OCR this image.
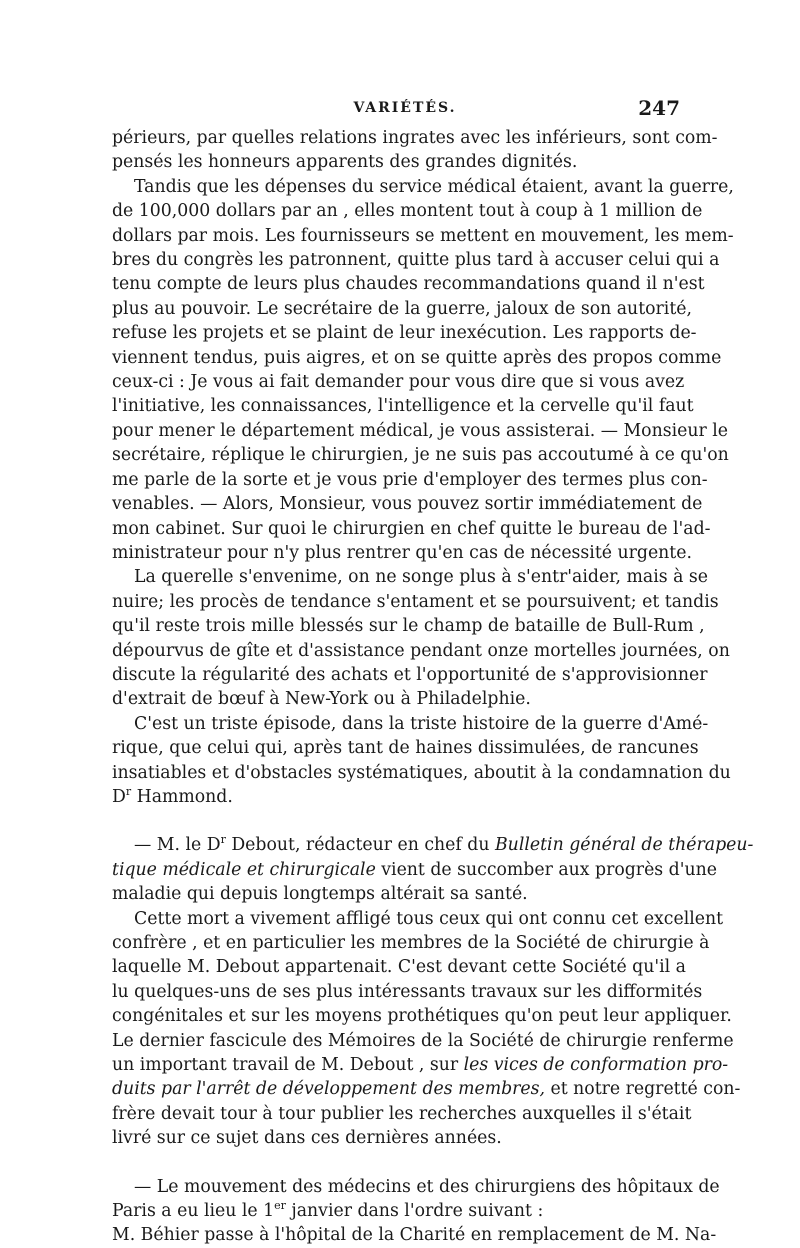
VARIÉTÉS.	247
périeurs, par quelles relations ingrates avec les inférieurs, sont com-
pensés les honneurs apparents des grandes dignités.
Tandis que les dépenses du service médical étaient, avant la guerre,
de 100,000 dollars par an , elles montent tout à coup à 1 million de
dollars par mois. Les fournisseurs se mettent en mouvement, les mem-
bres du congrès les patronnent, quitte plus tard à accuser celui qui a
tenu compte de leurs plus chaudes recommandations quand il n'est
plus au pouvoir. Le secrétaire de la guerre, jaloux de son autorité,
refuse les projets et se plaint de leur inexécution. Les rapports de-
viennent tendus, puis aigres, et on se quitte après des propos comme
ceux-ci : Je vous ai fait demander pour vous dire que si vous avez
l'initiative, les connaissances, l'intelligence et la cervelle qu'il faut
pour mener le département médical, je vous assisterai. — Monsieur le
secrétaire, réplique le chirurgien, je ne suis pas accoutumé à ce qu'on
me parle de la sorte et je vous prie d'employer des termes plus con-
venables. — Alors, Monsieur, vous pouvez sortir immédiatement de
mon cabinet. Sur quoi le chirurgien en chef quitte le bureau de l'ad-
ministrateur pour n'y plus rentrer qu'en cas de nécessité urgente.
La querelle s'envenime, on ne songe plus à s'entr'aider, mais à se
nuire; les procès de tendance s'entament et se poursuivent; et tandis
qu'il reste trois mille blessés sur le champ de bataille de Bull-Rum ,
dépourvus de gîte et d'assistance pendant onze mortelles journées, on
discute la régularité des achats et l'opportunité de s'approvisionner
d'extrait de bœuf à New-York ou à Philadelphie.
C'est un triste épisode, dans la triste histoire de la guerre d'Amé-
rique, que celui qui, après tant de haines dissimulées, de rancunes
insatiables et d'obstacles systématiques, aboutit à la condamnation du
$D^r$ Hammond.
— M. le $D^r$ Debout, rédacteur en chef du Bulletin général de thérapeu-
tique médicale et chirurgicale vient de succomber aux progrès d'une
maladie qui depuis longtemps altérait sa santé.
Cette mort a vivement affligé tous ceux qui ont connu cet excellent
confrère , et en particulier les membres de la Société de chirurgie à
laquelle M. Debout appartenait. C'est devant cette Société qu'il a
lu quelques-uns de ses plus intéressants travaux sur les difformités
congénitales et sur les moyens prothétiques qu'on peut leur appliquer.
Le dernier fascicule des Mémoires de la Société de chirurgie renferme
un important travail de M. Debout , sur les vices de conformation pro-
duits par l'arrêt de développement des membres, et notre regretté con-
frère devait tour à tour publier les recherches auxquelles il s'était
livré sur ce sujet dans ces dernières années.
— Le mouvement des médecins et des chirurgiens des hôpitaux de
Paris a eu lieu le 1er janvier dans l'ordre suivant :
M. Béhier passe à l'hôpital de la Charité en remplacement de M. Na-
